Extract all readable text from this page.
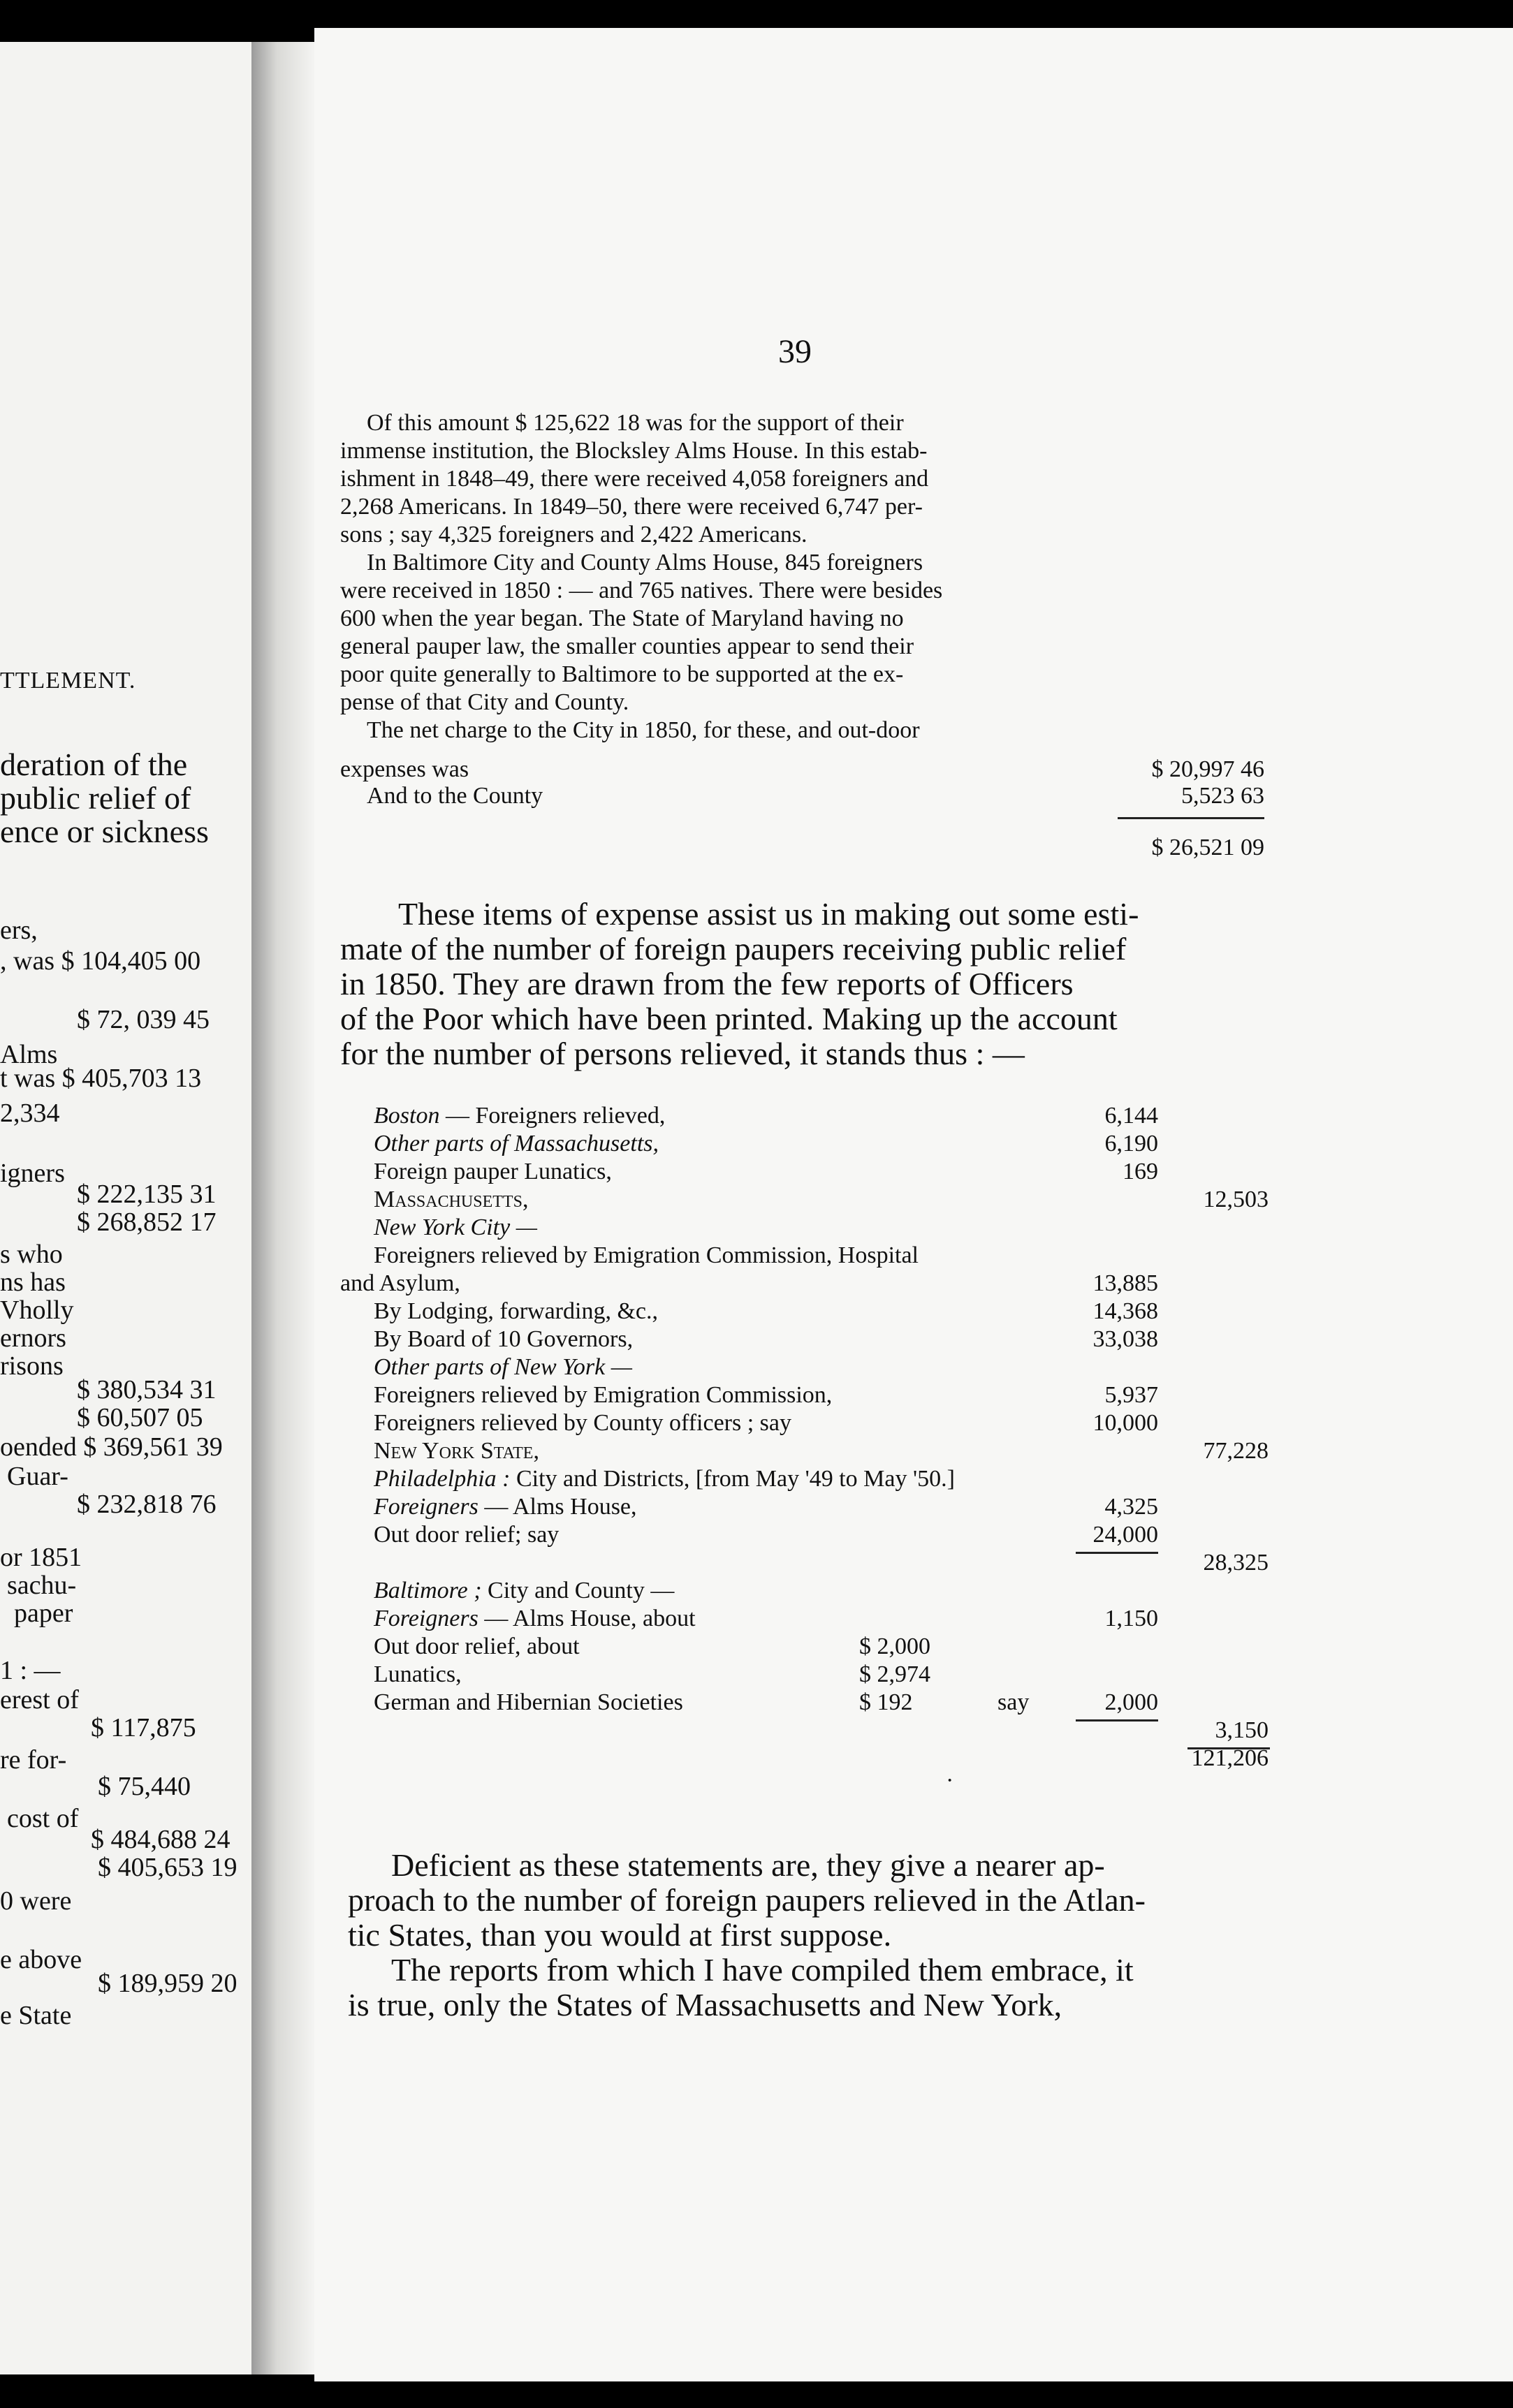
deration of the
public relief of
ence or sickness
ers,
, was $ 104,405 00
$ 72, 039 45
Alms
t was $ 405,703 13
2,334
igners
$ 222,135 31
$ 268,852 17
s who
ns has
Vholly
ernors
risons
$ 380,534 31
$ 60,507 05
oended $ 369,561 39
Guar-
$ 232,818 76
or 1851
sachu-
paper
1 : —
erest of
$ 117,875
re for-
$ 75,440
cost of
$ 484,688 24
$ 405,653 19
0 were
e above
$ 189,959 20
e State
TTLEMENT.
39
Of this amount $ 125,622 18 was for the support of their
immense institution, the Blocksley Alms House. In this estab-
ishment in 1848–49, there were received 4,058 foreigners and
2,268 Americans. In 1849–50, there were received 6,747 per-
sons ; say 4,325 foreigners and 2,422 Americans.
In Baltimore City and County Alms House, 845 foreigners
were received in 1850 : — and 765 natives. There were besides
600 when the year began. The State of Maryland having no
general pauper law, the smaller counties appear to send their
poor quite generally to Baltimore to be supported at the ex-
pense of that City and County.
The net charge to the City in 1850, for these, and out-door
expenses was	$ 20,997 46
And to the County	5,523 63
$ 26,521 09
These items of expense assist us in making out some esti-
mate of the number of foreign paupers receiving public relief
in 1850. They are drawn from the few reports of Officers
of the Poor which have been printed. Making up the account
for the number of persons relieved, it stands thus : —
Boston — Foreigners relieved,	6,144
Other parts of Massachusetts,	6,190
Foreign pauper Lunatics,	169
Massachusetts,	12,503
New York City —
Foreigners relieved by Emigration Commission, Hospital
and Asylum,	13,885
By Lodging, forwarding, &c.,	14,368
By Board of 10 Governors,	33,038
Other parts of New York —
Foreigners relieved by Emigration Commission,	5,937
Foreigners relieved by County officers ; say	10,000
New York State,	77,228
Philadelphia : City and Districts, [from May '49 to May '50.]
Foreigners — Alms House,	4,325
Out door relief; say	24,000
28,325
Baltimore ; City and County —
Foreigners — Alms House, about	1,150
Out door relief, about	$ 2,000
Lunatics,	$ 2,974
German and Hibernian Societies	$ 192	say	2,000
3,150
121,206
·
Deficient as these statements are, they give a nearer ap-
proach to the number of foreign paupers relieved in the Atlan-
tic States, than you would at first suppose.
The reports from which I have compiled them embrace, it
is true, only the States of Massachusetts and New York,
